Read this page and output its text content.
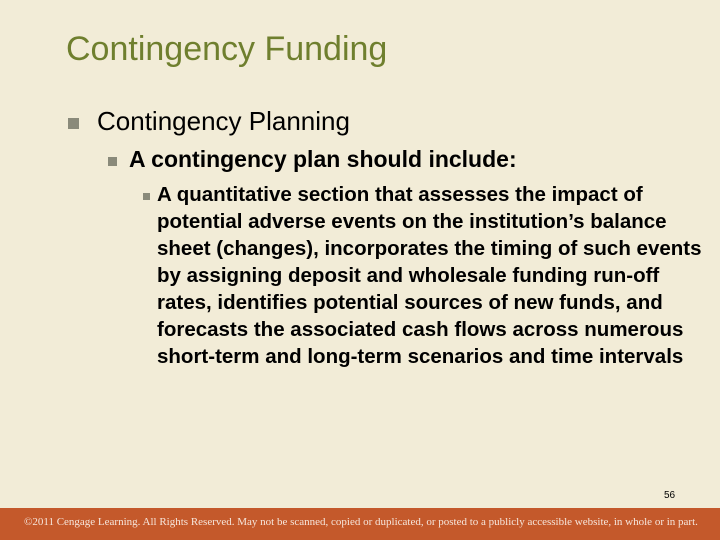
Contingency Funding
Contingency Planning
A contingency plan should include:
A quantitative section that assesses the impact of potential adverse events on the institution’s balance sheet (changes), incorporates the timing of such events by assigning deposit and wholesale funding run-off rates, identifies potential sources of new funds, and forecasts the associated cash flows across numerous short-term and long-term scenarios and time intervals
56
©2011 Cengage Learning. All Rights Reserved. May not be scanned, copied or duplicated, or posted to a publicly accessible website, in whole or in part.
